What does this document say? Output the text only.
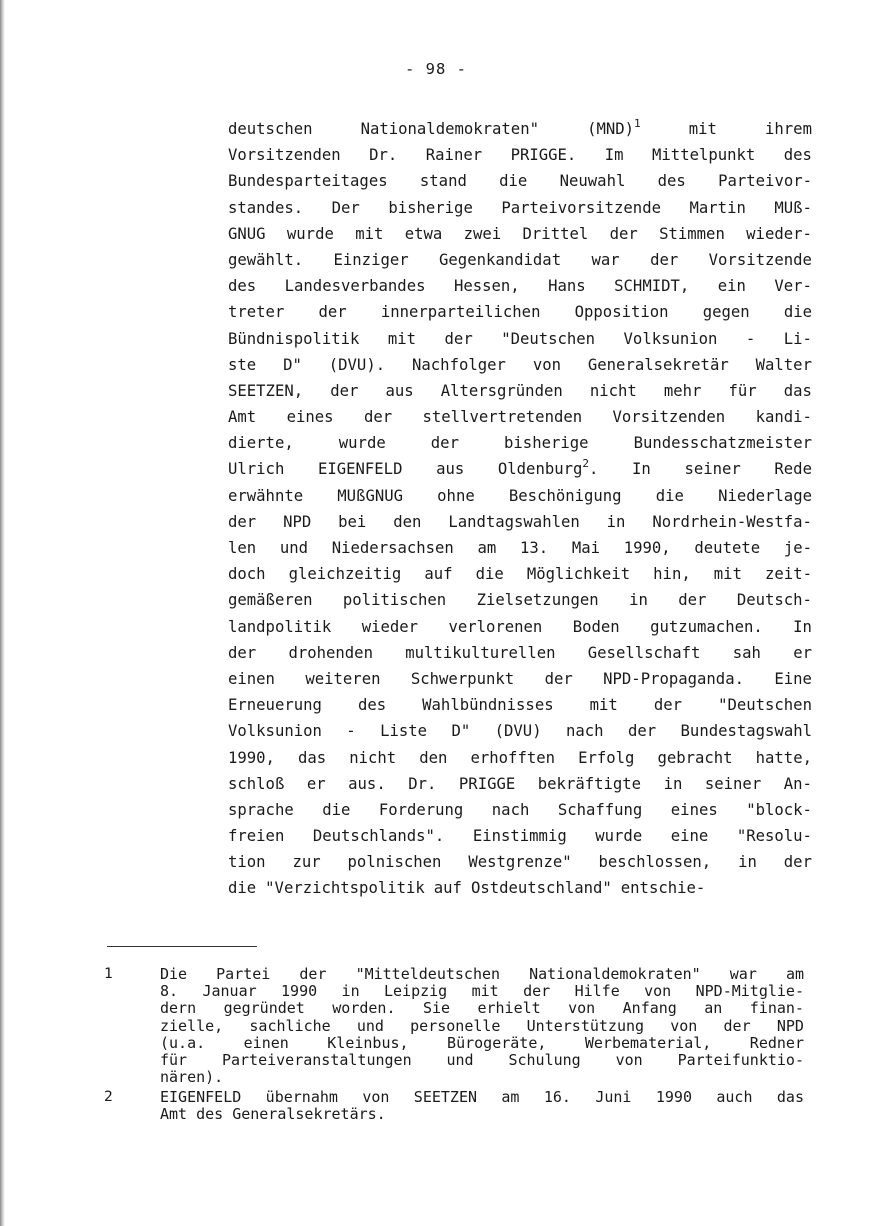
- 98 -
deutschen	Nationaldemokraten"	(MND)$^1$	mit	ihrem
Vorsitzenden Dr. Rainer PRIGGE. Im Mittelpunkt des
Bundesparteitages stand die Neuwahl des Parteivor-
standes. Der bisherige Parteivorsitzende Martin MUß-
GNUG wurde mit etwa zwei Drittel der Stimmen wieder-
gewählt. Einziger Gegenkandidat war der Vorsitzende
des Landesverbandes Hessen, Hans SCHMIDT, ein Ver-
treter der innerparteilichen Opposition gegen die
Bündnispolitik mit der "Deutschen Volksunion - Li-
ste D" (DVU). Nachfolger von Generalsekretär Walter
SEETZEN, der aus Altersgründen nicht mehr für das
Amt eines der stellvertretenden Vorsitzenden kandi-
dierte,	wurde	der	bisherige	Bundesschatzmeister
Ulrich EIGENFELD aus Oldenburg$^2$. In seiner Rede
erwähnte MUßGNUG ohne Beschönigung die Niederlage
der NPD bei den Landtagswahlen in Nordrhein-Westfa-
len und Niedersachsen am 13. Mai 1990, deutete je-
doch gleichzeitig auf die Möglichkeit hin, mit zeit-
gemäßeren politischen Zielsetzungen in der Deutsch-
landpolitik wieder verlorenen Boden gutzumachen. In
der drohenden multikulturellen Gesellschaft sah er
einen weiteren Schwerpunkt der NPD-Propaganda. Eine
Erneuerung des Wahlbündnisses mit der "Deutschen
Volksunion - Liste D" (DVU) nach der Bundestagswahl
1990, das nicht den erhofften Erfolg gebracht hatte,
schloß er aus. Dr. PRIGGE bekräftigte in seiner An-
sprache die Forderung nach Schaffung eines "block-
freien Deutschlands". Einstimmig wurde eine "Resolu-
tion zur polnischen Westgrenze" beschlossen, in der
die "Verzichtspolitik auf Ostdeutschland" entschie-
1	Die Partei der "Mitteldeutschen Nationaldemokraten" war am
8. Januar 1990 in Leipzig mit der Hilfe von NPD-Mitglie-
dern gegründet worden. Sie erhielt von Anfang an finan-
zielle, sachliche und personelle Unterstützung von der NPD
(u.a.	einen	Kleinbus,	Bürogeräte,	Werbematerial,	Redner
für Parteiveranstaltungen und Schulung von Parteifunktio-
nären).
2	EIGENFELD übernahm von SEETZEN am 16. Juni 1990 auch das
Amt des Generalsekretärs.
